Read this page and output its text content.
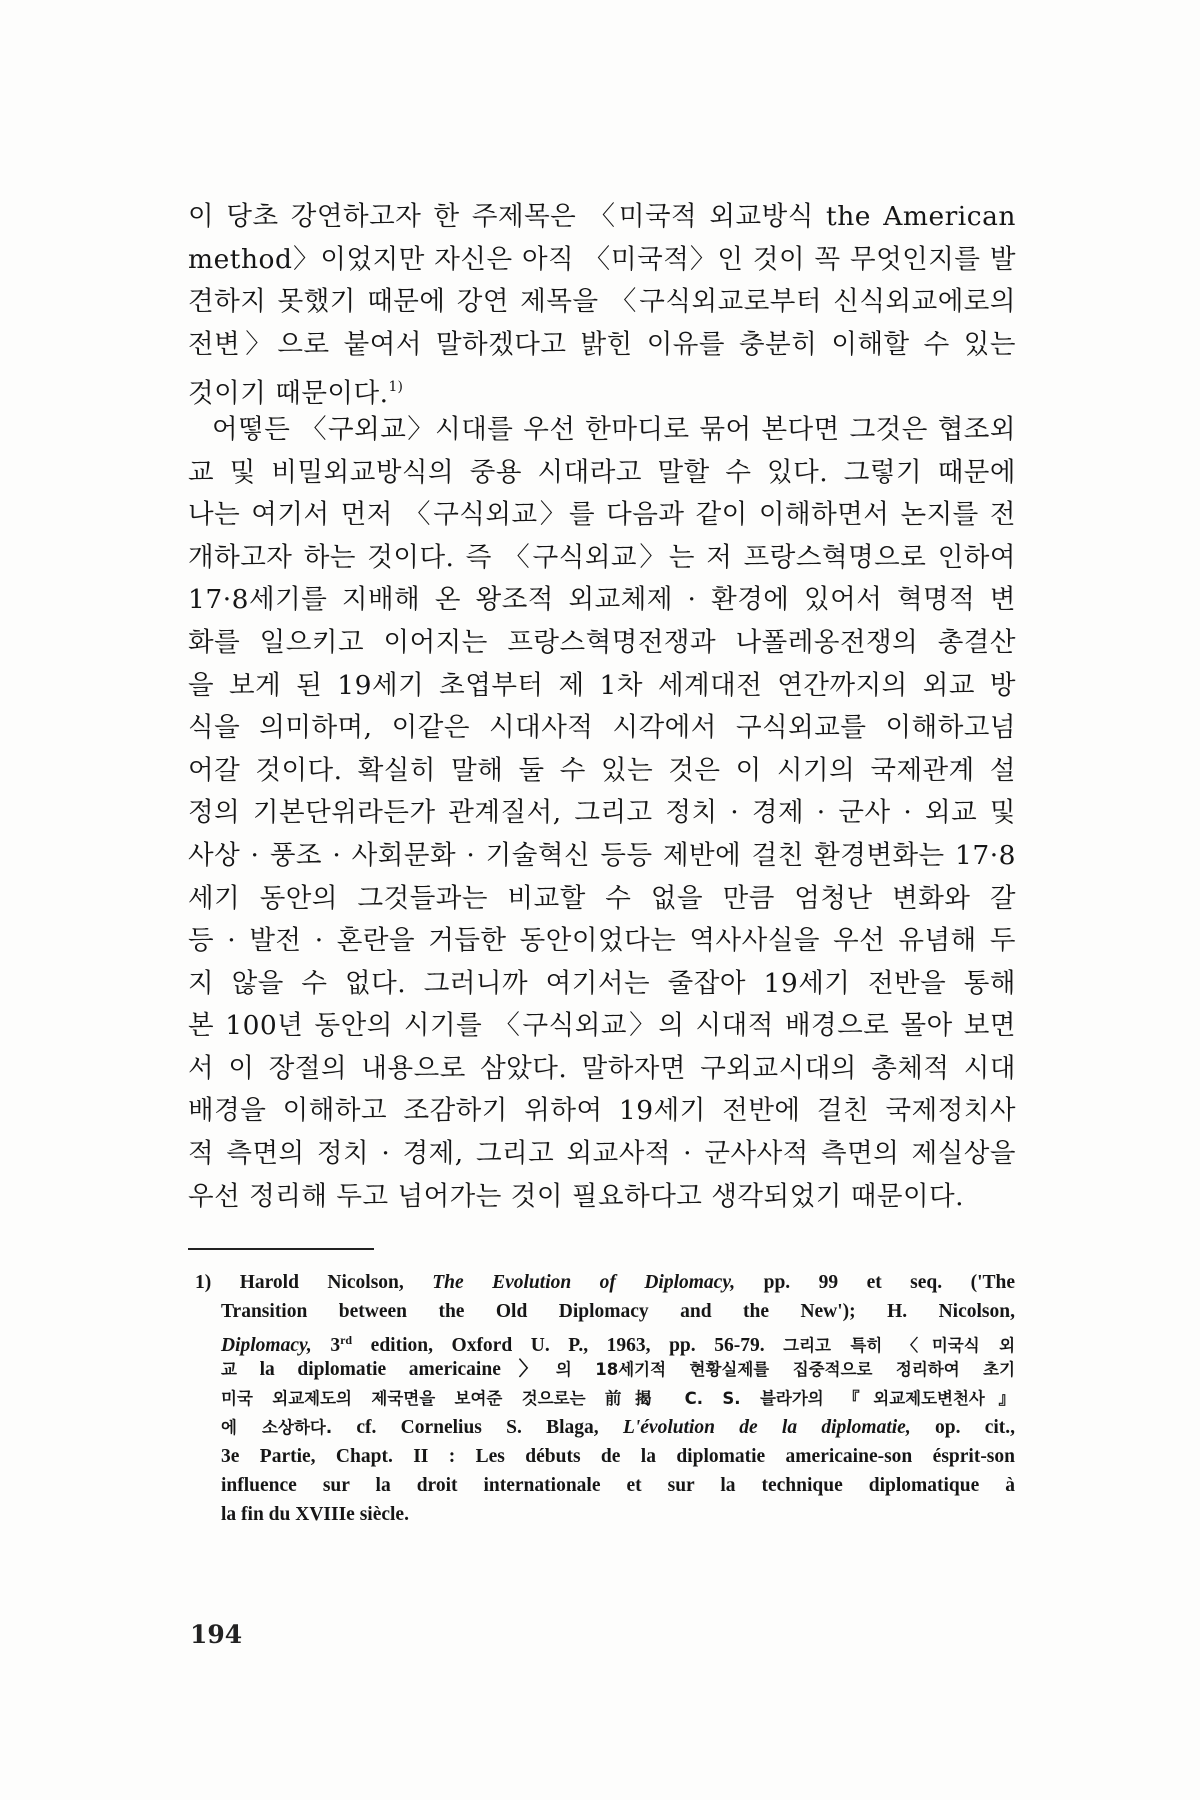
이 당초 강연하고자 한 주제목은 〈미국적 외교방식 the American
method〉이었지만 자신은 아직 〈미국적〉인 것이 꼭 무엇인지를 발
견하지 못했기 때문에 강연 제목을 〈구식외교로부터 신식외교에로의
전변〉으로 붙여서 말하겠다고 밝힌 이유를 충분히 이해할 수 있는
것이기 때문이다.$^{1)}$

어떻든 〈구외교〉시대를 우선 한마디로 묶어 본다면 그것은 협조외
교 및 비밀외교방식의 중용 시대라고 말할 수 있다. 그렇기 때문에
나는 여기서 먼저 〈구식외교〉를 다음과 같이 이해하면서 논지를 전
개하고자 하는 것이다. 즉 〈구식외교〉는 저 프랑스혁명으로 인하여
17·8세기를 지배해 온 왕조적 외교체제 · 환경에 있어서 혁명적 변
화를 일으키고 이어지는 프랑스혁명전쟁과 나폴레옹전쟁의 총결산
을 보게 된 19세기 초엽부터 제 1차 세계대전 연간까지의 외교 방
식을 의미하며, 이같은 시대사적 시각에서 구식외교를 이해하고넘
어갈 것이다. 확실히 말해 둘 수 있는 것은 이 시기의 국제관계 설
정의 기본단위라든가 관계질서, 그리고 정치 · 경제 · 군사 · 외교 및
사상 · 풍조 · 사회문화 · 기술혁신 등등 제반에 걸친 환경변화는 17·8
세기 동안의 그것들과는 비교할 수 없을 만큼 엄청난 변화와 갈
등 · 발전 · 혼란을 거듭한 동안이었다는 역사사실을 우선 유념해 두
지 않을 수 없다. 그러니까 여기서는 줄잡아 19세기 전반을 통해
본 100년 동안의 시기를 〈구식외교〉의 시대적 배경으로 몰아 보면
서 이 장절의 내용으로 삼았다. 말하자면 구외교시대의 총체적 시대
배경을 이해하고 조감하기 위하여 19세기 전반에 걸친 국제정치사
적 측면의 정치 · 경제, 그리고 외교사적 · 군사사적 측면의 제실상을
우선 정리해 두고 넘어가는 것이 필요하다고 생각되었기 때문이다.

1) Harold Nicolson, The Evolution of Diplomacy, pp. 99 et seq. ('The
Transition between the Old Diplomacy and the New'); H. Nicolson,
Diplomacy, 3rd edition, Oxford U. P., 1963, pp. 56-79. 그리고 특히 〈미국식 외
교 la diplomatie americaine〉의 18세기적 현황실제를 집중적으로 정리하여 초기
미국 외교제도의 제국면을 보여준 것으로는 前揭 C. S. 블라가의 『외교제도변천사』
에 소상하다. cf. Cornelius S. Blaga, L'évolution de la diplomatie, op. cit.,
3e Partie, Chapt. II : Les débuts de la diplomatie americaine-son ésprit-son
influence sur la droit internationale et sur la technique diplomatique à
la fin du XVIIIe siècle.
194
